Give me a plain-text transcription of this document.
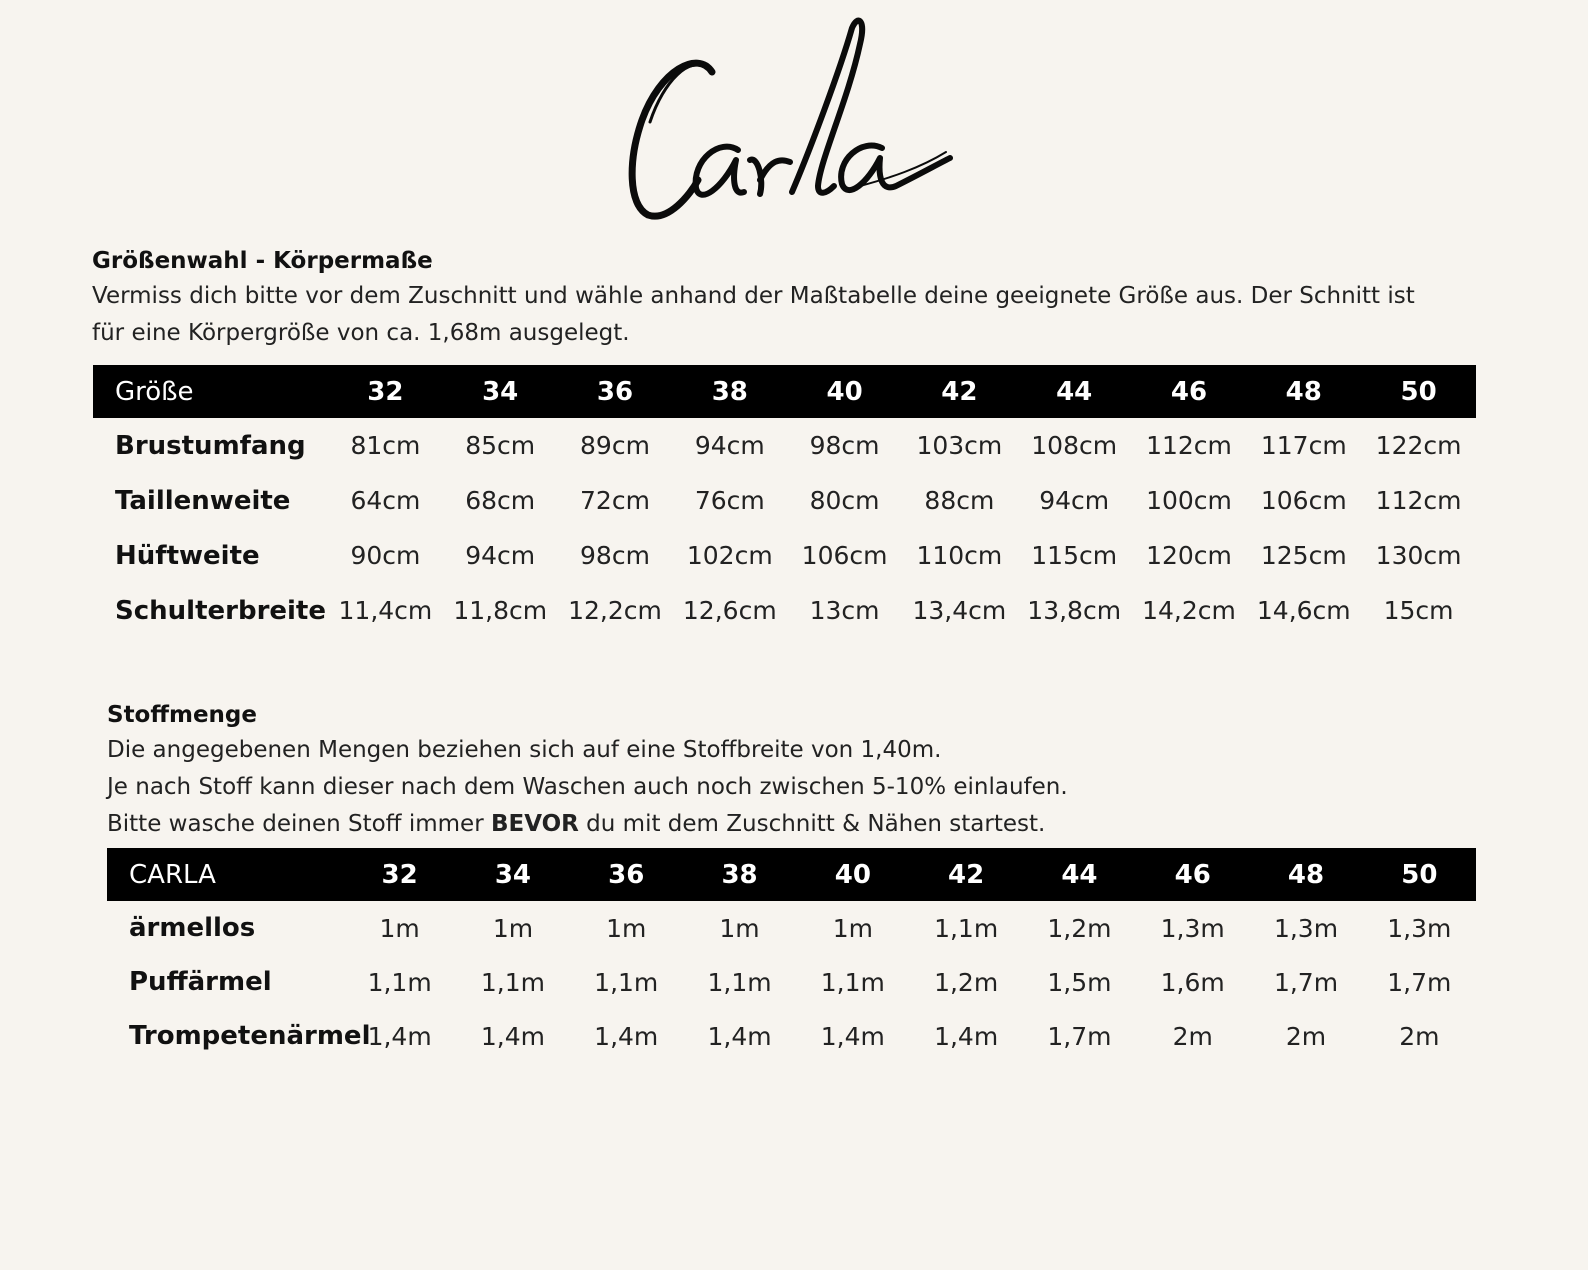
Größenwahl - Körpermaße
Vermiss dich bitte vor dem Zuschnitt und wähle anhand der Maßtabelle deine geeignete Größe aus. Der Schnitt ist
für eine Körpergröße von ca. 1,68m ausgelegt.
Größe	32	34	36	38	40	42	44	46	48	50
Brustumfang	81cm	85cm	89cm	94cm	98cm	103cm	108cm	112cm	117cm	122cm
Taillenweite	64cm	68cm	72cm	76cm	80cm	88cm	94cm	100cm	106cm	112cm
Hüftweite	90cm	94cm	98cm	102cm	106cm	110cm	115cm	120cm	125cm	130cm
Schulterbreite	11,4cm	11,8cm	12,2cm	12,6cm	13cm	13,4cm	13,8cm	14,2cm	14,6cm	15cm
Stoffmenge
Die angegebenen Mengen beziehen sich auf eine Stoffbreite von 1,40m.
Je nach Stoff kann dieser nach dem Waschen auch noch zwischen 5-10% einlaufen.
Bitte wasche deinen Stoff immer BEVOR du mit dem Zuschnitt & Nähen startest.
CARLA	32	34	36	38	40	42	44	46	48	50
ärmellos	1m	1m	1m	1m	1m	1,1m	1,2m	1,3m	1,3m	1,3m
Puffärmel	1,1m	1,1m	1,1m	1,1m	1,1m	1,2m	1,5m	1,6m	1,7m	1,7m
Trompetenärmel	1,4m	1,4m	1,4m	1,4m	1,4m	1,4m	1,7m	2m	2m	2m
